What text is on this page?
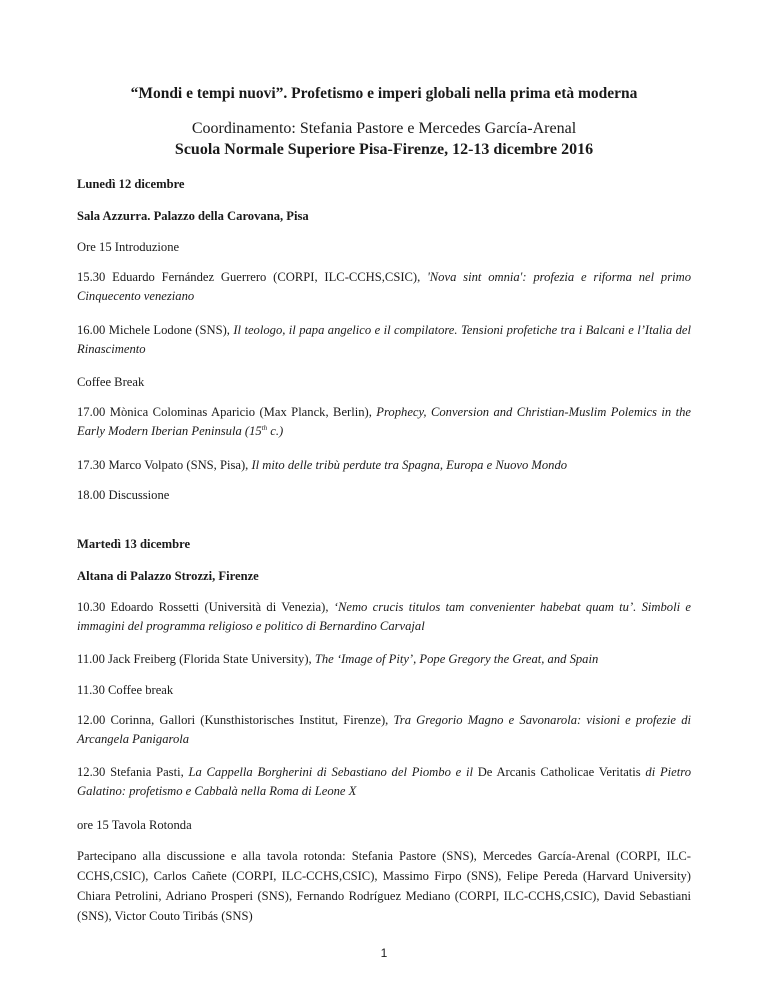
“Mondi e tempi nuovi”. Profetismo e imperi globali nella prima età moderna
Coordinamento: Stefania Pastore e Mercedes García-Arenal
Scuola Normale Superiore Pisa-Firenze, 12-13 dicembre 2016
Lunedì 12 dicembre
Sala Azzurra. Palazzo della Carovana, Pisa
Ore 15 Introduzione
15.30 Eduardo Fernández Guerrero (CORPI, ILC-CCHS,CSIC), 'Nova sint omnia': profezia e riforma nel primo Cinquecento veneziano
16.00 Michele Lodone (SNS), Il teologo, il papa angelico e il compilatore. Tensioni profetiche tra i Balcani e l’Italia del Rinascimento
Coffee Break
17.00 Mònica Colominas Aparicio (Max Planck, Berlin), Prophecy, Conversion and Christian-Muslim Polemics in the Early Modern Iberian Peninsula (15th c.)
17.30 Marco Volpato (SNS, Pisa), Il mito delle tribù perdute tra Spagna, Europa e Nuovo Mondo
18.00 Discussione
Martedì 13 dicembre
Altana di Palazzo Strozzi, Firenze
10.30 Edoardo Rossetti (Università di Venezia), ‘Nemo crucis titulos tam convenienter habebat quam tu’. Simboli e immagini del programma religioso e politico di Bernardino Carvajal
11.00 Jack Freiberg (Florida State University), The ‘Image of Pity’, Pope Gregory the Great, and Spain
11.30 Coffee break
12.00 Corinna, Gallori (Kunsthistorisches Institut, Firenze), Tra Gregorio Magno e Savonarola: visioni e profezie di Arcangela Panigarola
12.30 Stefania Pasti, La Cappella Borgherini di Sebastiano del Piombo e il De Arcanis Catholicae Veritatis di Pietro Galatino: profetismo e Cabbalà nella Roma di Leone X
ore 15 Tavola Rotonda
Partecipano alla discussione e alla tavola rotonda: Stefania Pastore (SNS), Mercedes García-Arenal (CORPI, ILC-CCHS,CSIC), Carlos Cañete (CORPI, ILC-CCHS,CSIC), Massimo Firpo (SNS), Felipe Pereda (Harvard University) Chiara Petrolini, Adriano Prosperi (SNS), Fernando Rodríguez Mediano (CORPI, ILC-CCHS,CSIC), David Sebastiani (SNS), Victor Couto Tiribás (SNS)
1
